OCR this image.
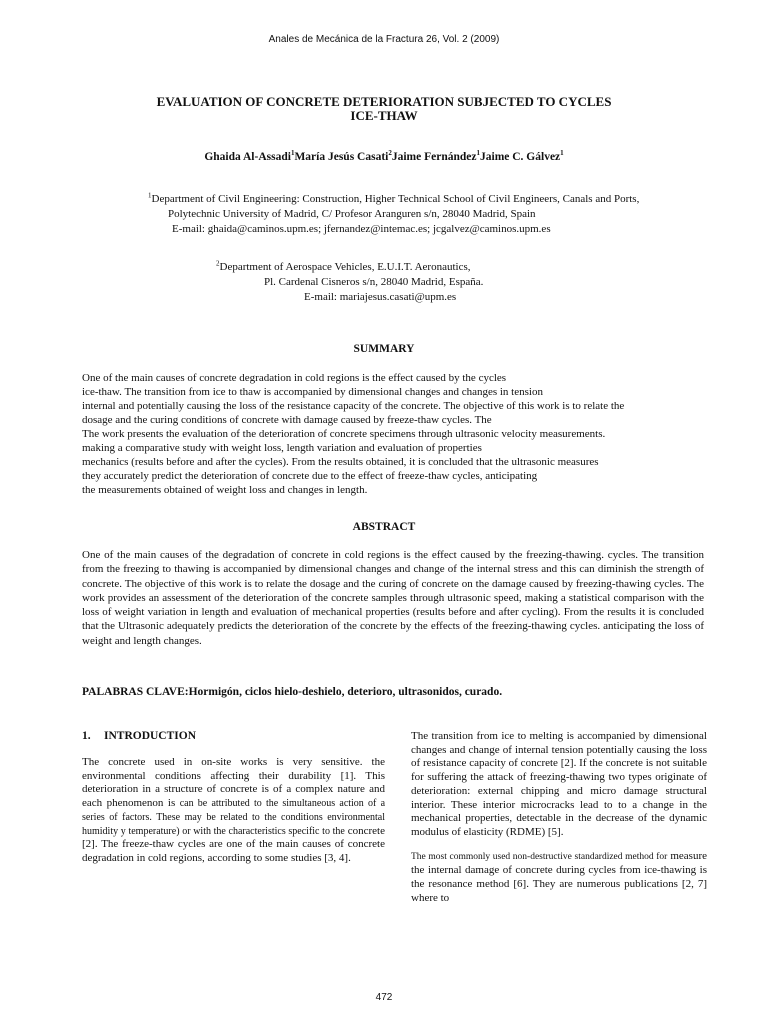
Anales de Mecánica de la Fractura 26, Vol. 2 (2009)
EVALUATION OF CONCRETE DETERIORATION SUBJECTED TO CYCLES
ICE-THAW
Ghaida Al-Assadi$^1$María Jesús Casati$^2$Jaime Fernández$^1$Jaime C. Gálvez$^1$
$^1$Department of Civil Engineering: Construction, Higher Technical School of Civil Engineers, Canals and Ports,
Polytechnic University of Madrid, C/ Profesor Aranguren s/n, 28040 Madrid, Spain
E-mail: ghaida@caminos.upm.es; jfernandez@intemac.es; jcgalvez@caminos.upm.es
$^2$Department of Aerospace Vehicles, E.U.I.T. Aeronautics,
Pl. Cardenal Cisneros s/n, 28040 Madrid, España.
E-mail: mariajesus.casati@upm.es
SUMMARY
One of the main causes of concrete degradation in cold regions is the effect caused by the cycles
ice-thaw. The transition from ice to thaw is accompanied by dimensional changes and changes in tension
internal and potentially causing the loss of the resistance capacity of the concrete. The objective of this work is to relate the
dosage and the curing conditions of concrete with damage caused by freeze-thaw cycles. The
The work presents the evaluation of the deterioration of concrete specimens through ultrasonic velocity measurements.
making a comparative study with weight loss, length variation and evaluation of properties
mechanics (results before and after the cycles). From the results obtained, it is concluded that the ultrasonic measures
they accurately predict the deterioration of concrete due to the effect of freeze-thaw cycles, anticipating
the measurements obtained of weight loss and changes in length.
ABSTRACT
One of the main causes of the degradation of concrete in cold regions is the effect caused by the freezing-thawing. cycles. The transition from the freezing to thawing is accompanied by dimensional changes and change of the internal stress and this can diminish the strength of concrete. The objective of this work is to relate the dosage and the curing of concrete on the damage caused by freezing-thawing cycles. The work provides an assessment of the deterioration of the concrete samples through ultrasonic speed, making a statistical comparison with the loss of weight variation in length and evaluation of mechanical properties (results before and after cycling). From the results it is concluded that the Ultrasonic adequately predicts the deterioration of the concrete by the effects of the freezing-thawing cycles. anticipating the loss of weight and length changes.
PALABRAS CLAVE:Hormigón, ciclos hielo-deshielo, deterioro, ultrasonidos, curado.
1. INTRODUCTION
The concrete used in on-site works is very sensitive. the environmental conditions affecting their durability [1]. This deterioration in a structure of concrete is of a complex nature and each phenomenon is can be attributed to the simultaneous action of a series of factors. These may be related to the conditions environmental humidity y temperature) or with the characteristics specific to the concrete [2]. The freeze-thaw cycles are one of the main causes of concrete degradation in cold regions, according to some studies [3, 4].
The transition from ice to melting is accompanied by dimensional changes and change of internal tension potentially causing the loss of resistance capacity of concrete [2]. If the concrete is not suitable for suffering the attack of freezing-thawing two types originate of deterioration: external chipping and micro damage structural interior. These interior microcracks lead to to a change in the mechanical properties, detectable in the decrease of the dynamic modulus of elasticity (RDME) [5].
The most commonly used non-destructive standardized method for measure the internal damage of concrete during cycles from ice-thawing is the resonance method [6]. They are numerous publications [2, 7] where to
472
